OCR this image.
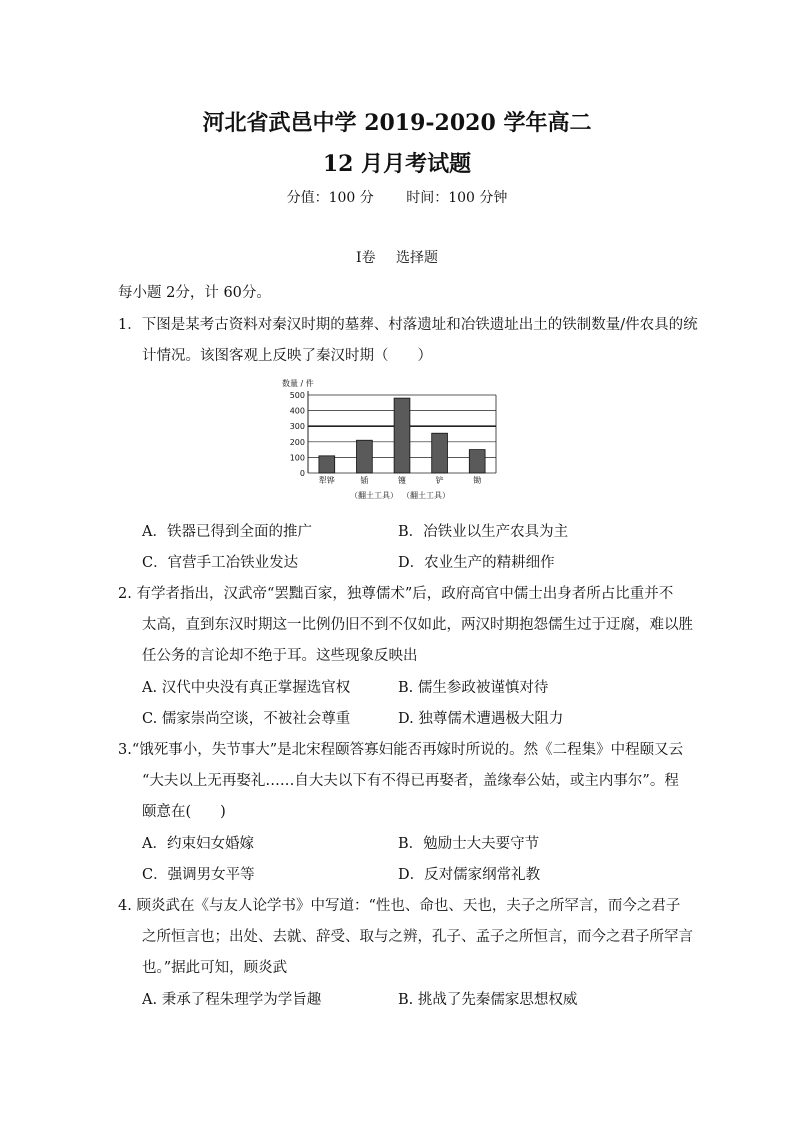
河北省武邑中学 2019-2020 学年高二
12 月月考试题
分值：100 分 时间：100 分钟
Ⅰ卷 选择题
每小题 2分，计 60分。
1．下图是某考古资料对秦汉时期的墓葬、村落遗址和冶铁遗址出土的铁制数量/件农具的统
计情况。该图客观上反映了秦汉时期（　　）
数量 / 件
0
100
200
300
400
500
犁铧	锸	镬	铲	锄
（翻土工具） （翻土工具）
A．铁器已得到全面的推广	B．冶铁业以生产农具为主
C．官营手工冶铁业发达	D．农业生产的精耕细作
2. 有学者指出，汉武帝“罢黜百家，独尊儒术”后，政府高官中儒士出身者所占比重并不
太高，直到东汉时期这一比例仍旧不到不仅如此，两汉时期抱怨儒生过于迂腐，难以胜
任公务的言论却不绝于耳。这些现象反映出
A. 汉代中央没有真正掌握选官权	B. 儒生参政被谨慎对待
C. 儒家崇尚空谈，不被社会尊重	D. 独尊儒术遭遇极大阻力
3.“饿死事小，失节事大”是北宋程颐答寡妇能否再嫁时所说的。然《二程集》中程颐又云
“大夫以上无再娶礼……自大夫以下有不得已再娶者，盖缘奉公姑，或主内事尔”。程
颐意在(　　)
A．约束妇女婚嫁	B．勉励士大夫要守节
C．强调男女平等	D．反对儒家纲常礼教
4. 顾炎武在《与友人论学书》中写道：“性也、命也、天也，夫子之所罕言，而今之君子
之所恒言也；出处、去就、辞受、取与之辨，孔子、孟子之所恒言，而今之君子所罕言
也。”据此可知，顾炎武
A. 秉承了程朱理学为学旨趣	B. 挑战了先秦儒家思想权威
